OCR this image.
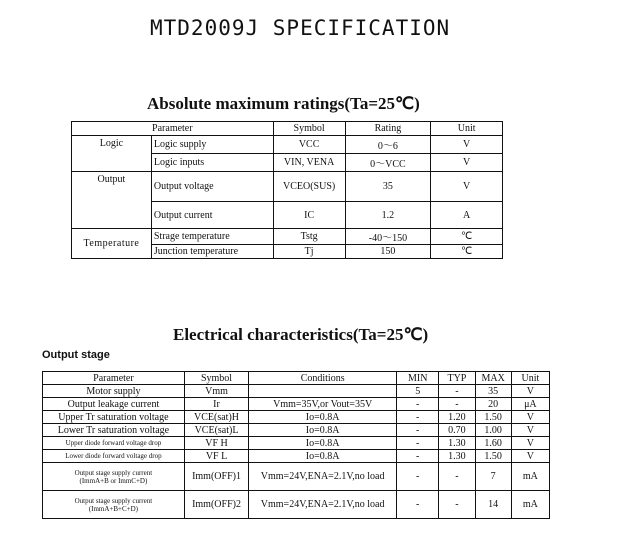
MTD2009J SPECIFICATION
Absolute maximum ratings(Ta=25℃)
Parameter		Symbol	Rating	Unit
Logic	Logic supply	VCC	0〜6	V
	Logic inputs	VIN, VENA	0〜VCC	V
Output	Output voltage	VCEO(SUS)	35	V
	Output current	IC	1.2	A
Temperature	Strage temperature	Tstg	-40〜150	℃
	Junction temperature	Tj	150	℃
Electrical characteristics(Ta=25℃)
Output stage
Parameter	Symbol	Conditions	MIN	TYP	MAX	Unit
Motor supply	Vmm		5	-	35	V
Output leakage current	Ir	Vmm=35V,or Vout=35V	-	-	20	μA
Upper Tr saturation voltage	VCE(sat)H	Io=0.8A	-	1.20	1.50	V
Lower Tr saturation voltage	VCE(sat)L	Io=0.8A	-	0.70	1.00	V
Upper diode forward voltage drop	VF H	Io=0.8A	-	1.30	1.60	V
Lower diode forward voltage drop	VF L	Io=0.8A	-	1.30	1.50	V

Output stage supply current
(ImmA+B or ImmC+D)	Imm(OFF)1	Vmm=24V,ENA=2.1V,no load	-	-	7	mA

Output stage supply current
(ImmA+B+C+D)	Imm(OFF)2	Vmm=24V,ENA=2.1V,no load	-	-	14	mA
